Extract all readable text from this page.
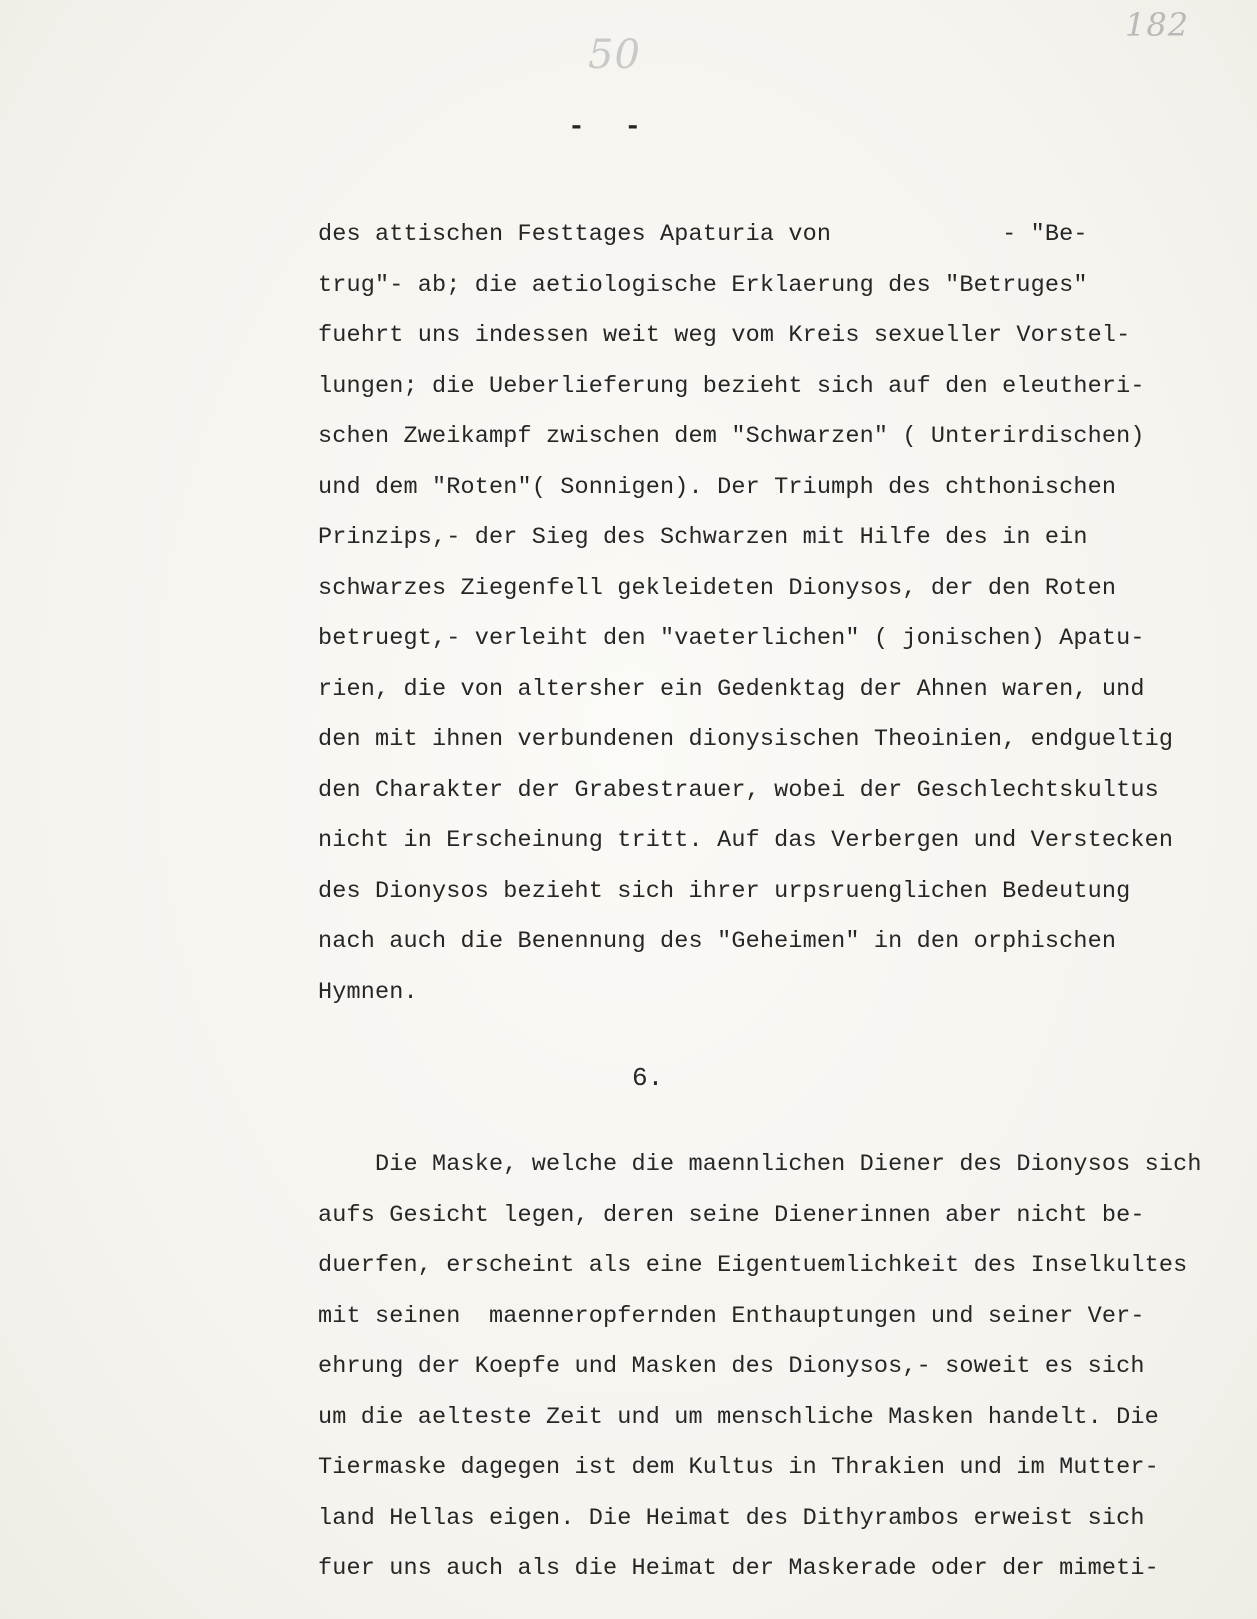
50
182
-  -
des attischen Festtages Apaturia von            - "Be-
trug"- ab; die aetiologische Erklaerung des "Betruges"
fuehrt uns indessen weit weg vom Kreis sexueller Vorstel-
lungen; die Ueberlieferung bezieht sich auf den eleutheri-
schen Zweikampf zwischen dem "Schwarzen" ( Unterirdischen)
und dem "Roten"( Sonnigen). Der Triumph des chthonischen
Prinzips,- der Sieg des Schwarzen mit Hilfe des in ein
schwarzes Ziegenfell gekleideten Dionysos, der den Roten
betruegt,- verleiht den "vaeterlichen" ( jonischen) Apatu-
rien, die von altersher ein Gedenktag der Ahnen waren, und
den mit ihnen verbundenen dionysischen Theoinien, endgueltig
den Charakter der Grabestrauer, wobei der Geschlechtskultus
nicht in Erscheinung tritt. Auf das Verbergen und Verstecken
des Dionysos bezieht sich ihrer urpsruenglichen Bedeutung
nach auch die Benennung des "Geheimen" in den orphischen
Hymnen.
6.
Die Maske, welche die maennlichen Diener des Dionysos sich
aufs Gesicht legen, deren seine Dienerinnen aber nicht be-
duerfen, erscheint als eine Eigentuemlichkeit des Inselkultes
mit seinen  maenneropfernden Enthauptungen und seiner Ver-
ehrung der Koepfe und Masken des Dionysos,- soweit es sich
um die aelteste Zeit und um menschliche Masken handelt. Die
Tiermaske dagegen ist dem Kultus in Thrakien und im Mutter-
land Hellas eigen. Die Heimat des Dithyrambos erweist sich
fuer uns auch als die Heimat der Maskerade oder der mimeti-
